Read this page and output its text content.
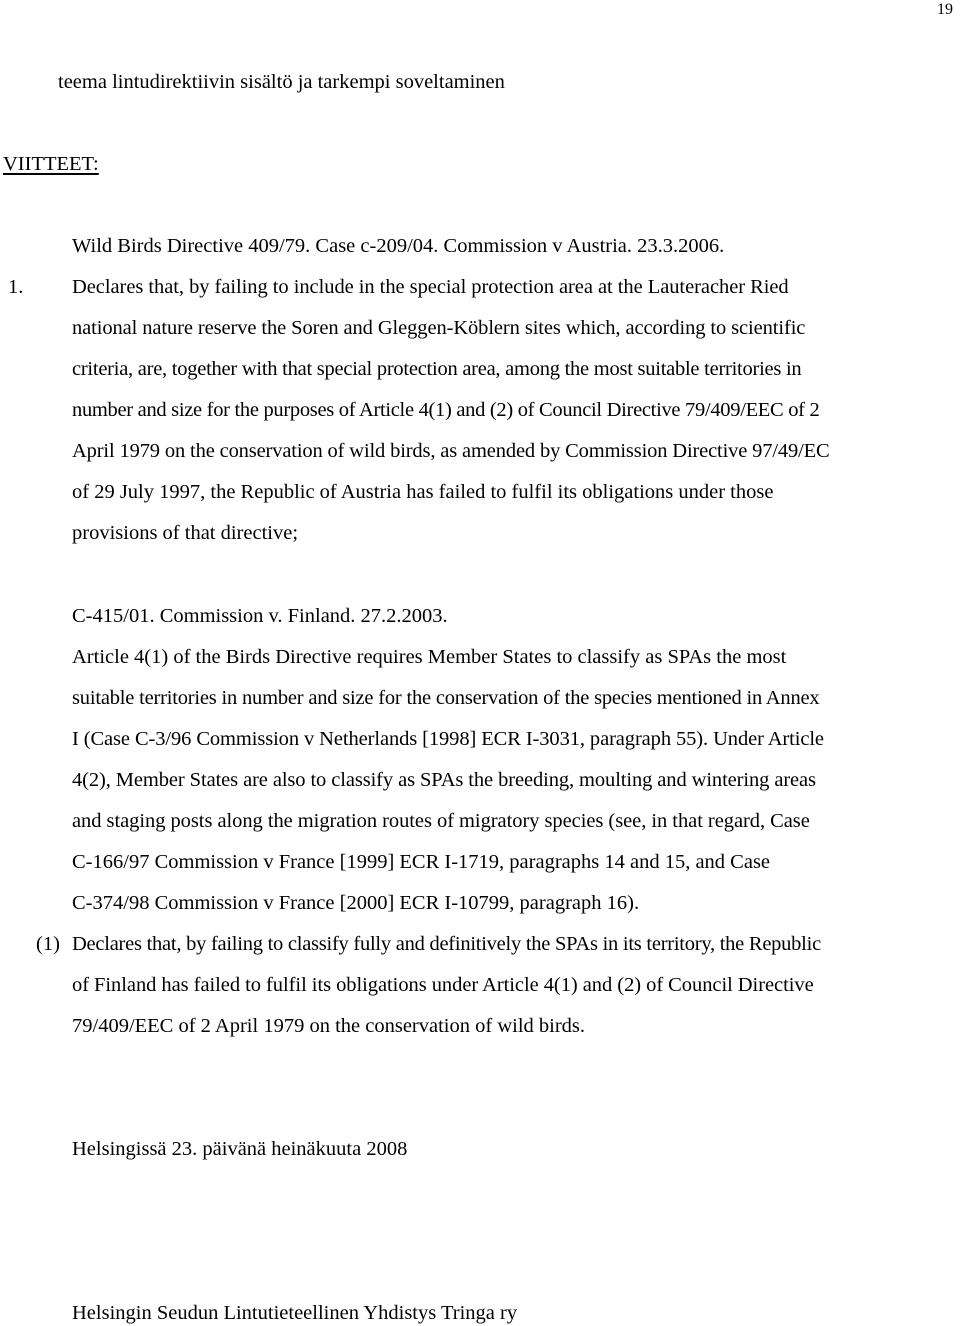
19
teema lintudirektiivin sisältö ja tarkempi soveltaminen
VIITTEET:
Wild Birds Directive 409/79. Case c-209/04. Commission v Austria. 23.3.2006.
1. Declares that, by failing to include in the special protection area at the Lauteracher Ried
national nature reserve the Soren and Gleggen-Köblern sites which, according to scientific
criteria, are, together with that special protection area, among the most suitable territories in
number and size for the purposes of Article 4(1) and (2) of Council Directive 79/409/EEC of 2
April 1979 on the conservation of wild birds, as amended by Commission Directive 97/49/EC
of 29 July 1997, the Republic of Austria has failed to fulfil its obligations under those
provisions of that directive;
C-415/01. Commission v. Finland. 27.2.2003.
Article 4(1) of the Birds Directive requires Member States to classify as SPAs the most
suitable territories in number and size for the conservation of the species mentioned in Annex
I (Case C-3/96 Commission v Netherlands [1998] ECR I-3031, paragraph 55). Under Article
4(2), Member States are also to classify as SPAs the breeding, moulting and wintering areas
and staging posts along the migration routes of migratory species (see, in that regard, Case
C-166/97 Commission v France [1999] ECR I-1719, paragraphs 14 and 15, and Case
C-374/98 Commission v France [2000] ECR I-10799, paragraph 16).
(1) Declares that, by failing to classify fully and definitively the SPAs in its territory, the Republic
of Finland has failed to fulfil its obligations under Article 4(1) and (2) of Council Directive
79/409/EEC of 2 April 1979 on the conservation of wild birds.
Helsingissä 23. päivänä heinäkuuta 2008
Helsingin Seudun Lintutieteellinen Yhdistys Tringa ry
